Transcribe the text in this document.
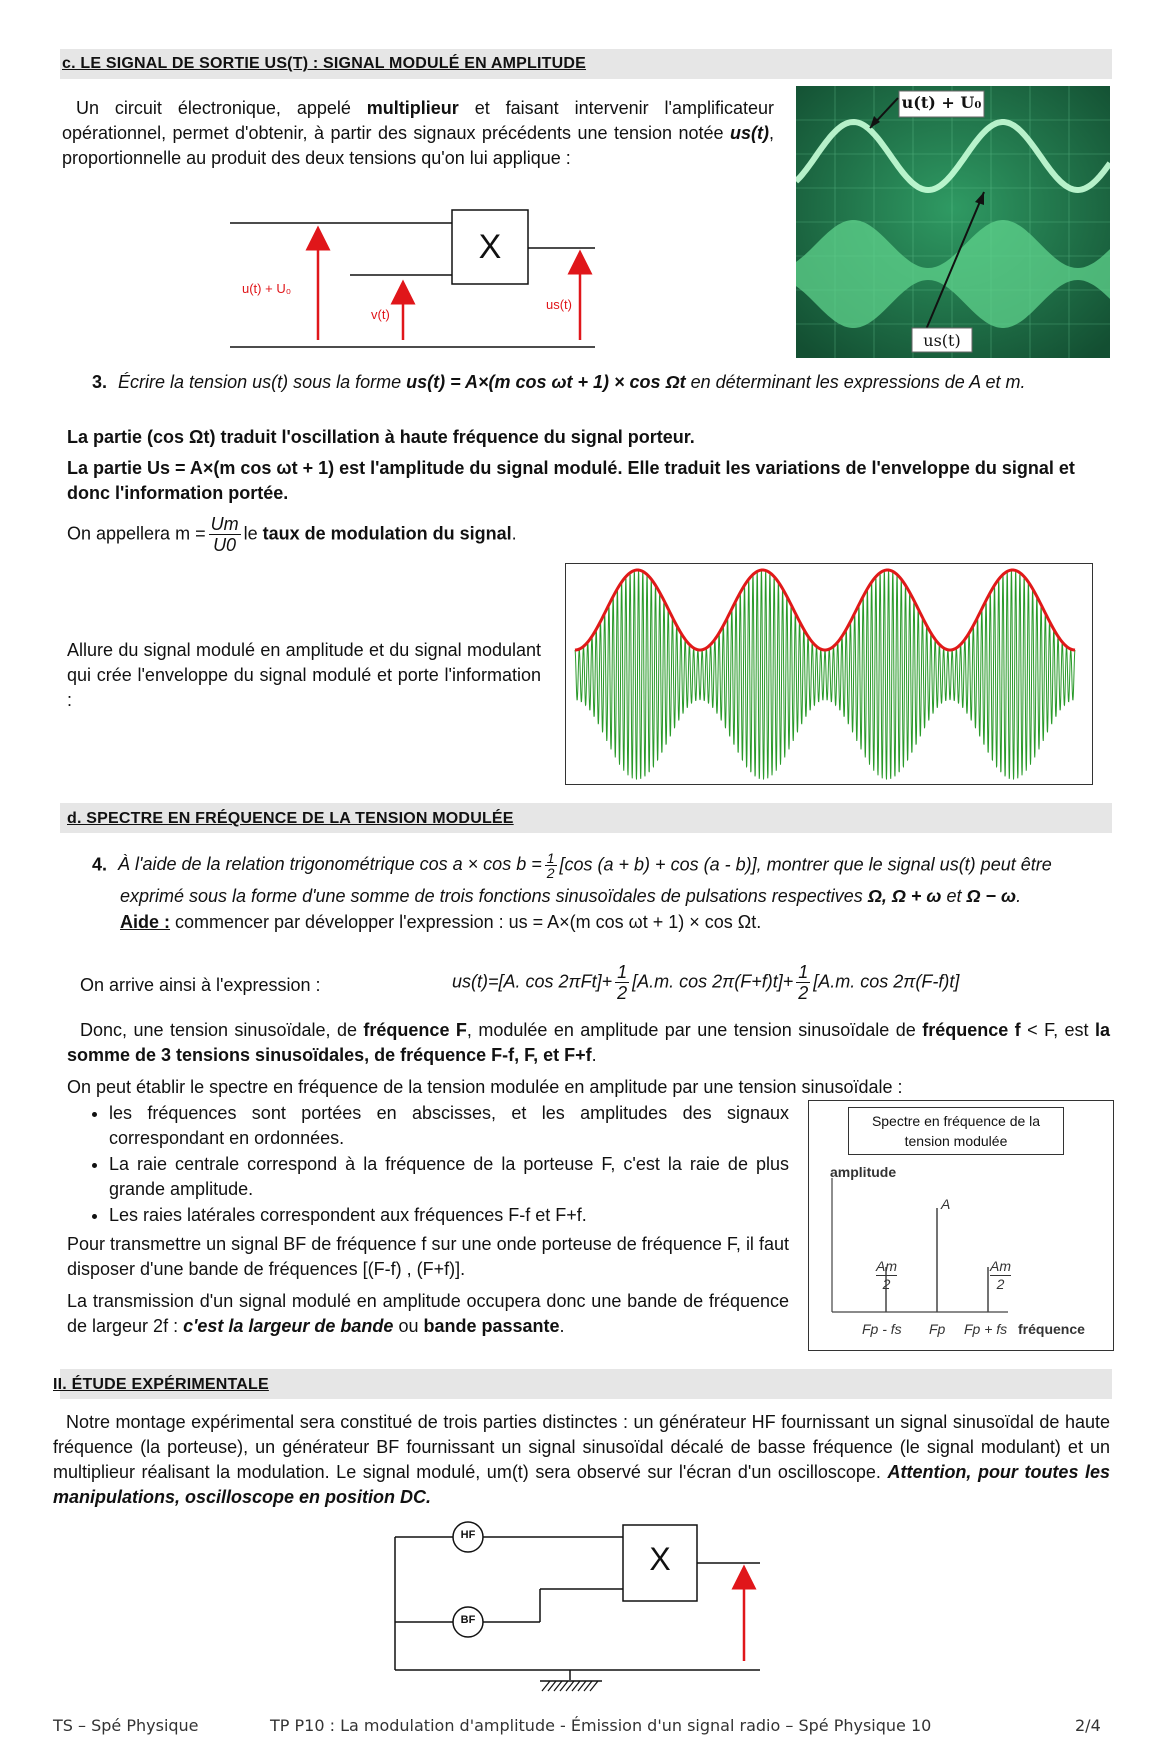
c. LE SIGNAL DE SORTIE US(T) : SIGNAL MODULÉ EN AMPLITUDE
Un circuit électronique, appelé multiplieur et faisant intervenir l'amplificateur opérationnel, permet d'obtenir, à partir des signaux précédents une tension notée us(t), proportionnelle au produit des deux tensions qu'on lui applique :
X
u(t) + U₀
v(t)
us(t)
u(t) + U₀
us(t)
3. Écrire la tension us(t) sous la forme us(t) = A×(m cos ωt + 1) × cos Ωt en déterminant les expressions de A et m.
La partie (cos Ωt) traduit l'oscillation à haute fréquence du signal porteur.
La partie Us = A×(m cos ωt + 1) est l'amplitude du signal modulé. Elle traduit les variations de l'enveloppe du signal et donc l'information portée.
On appellera $m = \frac{Um}{U0}$ le taux de modulation du signal.
Allure du signal modulé en amplitude et du signal modulant qui crée l'enveloppe du signal modulé et porte l'information :
d. SPECTRE EN FRÉQUENCE DE LA TENSION MODULÉE
4. À l'aide de la relation trigonométrique $\cos a \times \cos b = \frac{1}{2} [\cos$ (a + b) + cos (a - b)], montrer que le signal us(t) peut être
exprimé sous la forme d'une somme de trois fonctions sinusoïdales de pulsations respectives Ω, Ω + ω et Ω − ω.
Aide : commencer par développer l'expression : us = A×(m cos ωt + 1) × cos Ωt.
On arrive ainsi à l'expression :	us(t)=[A. $\cos 2\pi Ft]+ \frac{1}{2} [A.m$. $\cos 2\pi(F+f)t]+ \frac{1}{2} [A.m$. cos 2π(F-f)t]
Donc, une tension sinusoïdale, de fréquence F, modulée en amplitude par une tension sinusoïdale de fréquence f < F, est la somme de 3 tensions sinusoïdales, de fréquence F-f, F, et F+f.
On peut établir le spectre en fréquence de la tension modulée en amplitude par une tension sinusoïdale :
• les fréquences sont portées en abscisses, et les amplitudes des signaux correspondant en ordonnées.
• La raie centrale correspond à la fréquence de la porteuse F, c'est la raie de plus grande amplitude.
• Les raies latérales correspondent aux fréquences F-f et F+f.
Pour transmettre un signal BF de fréquence f sur une onde porteuse de fréquence F, il faut disposer d'une bande de fréquences [(F-f) , (F+f)].
La transmission d'un signal modulé en amplitude occupera donc une bande de fréquence de largeur 2f : c'est la largeur de bande ou bande passante.
Spectre en fréquence de la tension modulée
amplitude
fréquence
A
Am
2
Am
2
Fp - fs Fp Fp + fs
II. ÉTUDE EXPÉRIMENTALE
Notre montage expérimental sera constitué de trois parties distinctes : un générateur HF fournissant un signal sinusoïdal de haute fréquence (la porteuse), un générateur BF fournissant un signal sinusoïdal décalé de basse fréquence (le signal modulant) et un multiplieur réalisant la modulation. Le signal modulé, um(t) sera observé sur l'écran d'un oscilloscope. Attention, pour toutes les manipulations, oscilloscope en position DC.
HF
BF
X
TS – Spé Physique	TP P10 : La modulation d'amplitude - Émission d'un signal radio – Spé Physique 10	2/4
